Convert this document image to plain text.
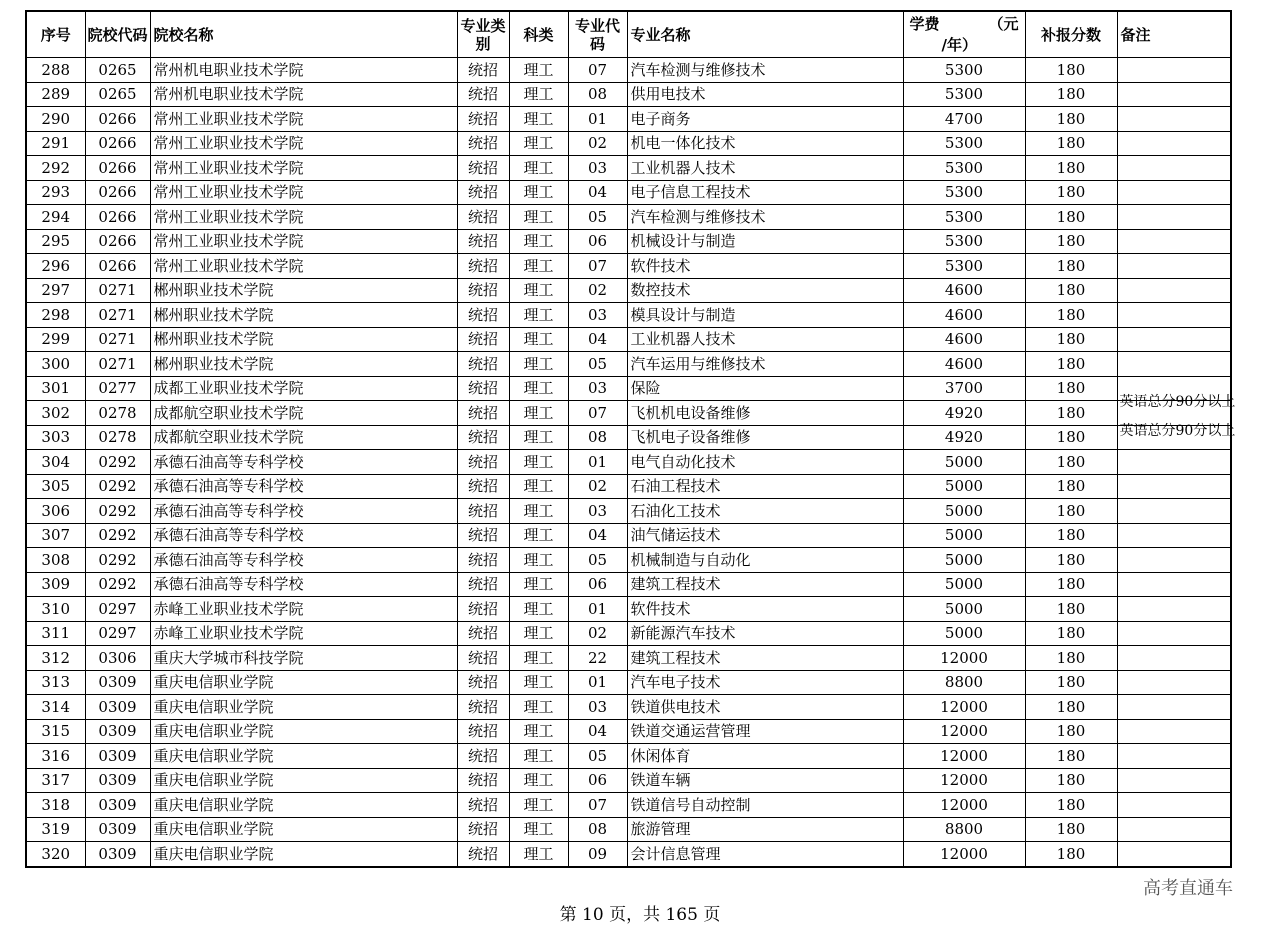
序号	院校代码	院校名称	专业类别	科类	专业代码	专业名称	学费 （元
/年）	补报分数	备注
288	0265	常州机电职业技术学院	统招	理工	07	汽车检测与维修技术	5300	180	
289	0265	常州机电职业技术学院	统招	理工	08	供用电技术	5300	180	
290	0266	常州工业职业技术学院	统招	理工	01	电子商务	4700	180	
291	0266	常州工业职业技术学院	统招	理工	02	机电一体化技术	5300	180	
292	0266	常州工业职业技术学院	统招	理工	03	工业机器人技术	5300	180	
293	0266	常州工业职业技术学院	统招	理工	04	电子信息工程技术	5300	180	
294	0266	常州工业职业技术学院	统招	理工	05	汽车检测与维修技术	5300	180	
295	0266	常州工业职业技术学院	统招	理工	06	机械设计与制造	5300	180	
296	0266	常州工业职业技术学院	统招	理工	07	软件技术	5300	180	
297	0271	郴州职业技术学院	统招	理工	02	数控技术	4600	180	
298	0271	郴州职业技术学院	统招	理工	03	模具设计与制造	4600	180	
299	0271	郴州职业技术学院	统招	理工	04	工业机器人技术	4600	180	
300	0271	郴州职业技术学院	统招	理工	05	汽车运用与维修技术	4600	180	
301	0277	成都工业职业技术学院	统招	理工	03	保险	3700	180	
302	0278	成都航空职业技术学院	统招	理工	07	飞机机电设备维修	4920	180	英语总分90分以上

303	0278	成都航空职业技术学院	统招	理工	08	飞机电子设备维修	4920	180	英语总分90分以上

304	0292	承德石油高等专科学校	统招	理工	01	电气自动化技术	5000	180	
305	0292	承德石油高等专科学校	统招	理工	02	石油工程技术	5000	180	
306	0292	承德石油高等专科学校	统招	理工	03	石油化工技术	5000	180	
307	0292	承德石油高等专科学校	统招	理工	04	油气储运技术	5000	180	
308	0292	承德石油高等专科学校	统招	理工	05	机械制造与自动化	5000	180	
309	0292	承德石油高等专科学校	统招	理工	06	建筑工程技术	5000	180	
310	0297	赤峰工业职业技术学院	统招	理工	01	软件技术	5000	180	
311	0297	赤峰工业职业技术学院	统招	理工	02	新能源汽车技术	5000	180	
312	0306	重庆大学城市科技学院	统招	理工	22	建筑工程技术	12000	180	
313	0309	重庆电信职业学院	统招	理工	01	汽车电子技术	8800	180	
314	0309	重庆电信职业学院	统招	理工	03	铁道供电技术	12000	180	
315	0309	重庆电信职业学院	统招	理工	04	铁道交通运营管理	12000	180	
316	0309	重庆电信职业学院	统招	理工	05	休闲体育	12000	180	
317	0309	重庆电信职业学院	统招	理工	06	铁道车辆	12000	180	
318	0309	重庆电信职业学院	统招	理工	07	铁道信号自动控制	12000	180	
319	0309	重庆电信职业学院	统招	理工	08	旅游管理	8800	180	
320	0309	重庆电信职业学院	统招	理工	09	会计信息管理	12000	180	
高考直通车
第 10 页，共 165 页
